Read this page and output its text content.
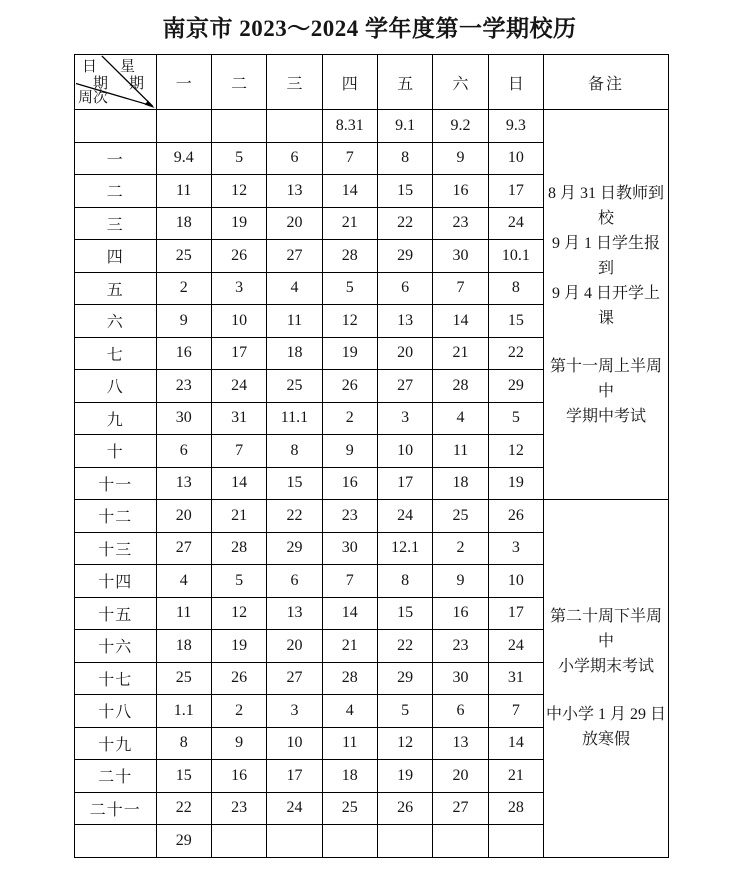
南京市 2023～2024 学年度第一学期校历
日
期
星
期
周次	一	二	三	四	五	六	日	备注
				8.31	9.1	9.2	9.3	8 月 31 日教师到校
9 月 1 日学生报到
9 月 4 日开学上课

第十一周上半周中
学期中考试

一	9.4	5	6	7	8	9	10	
二	11	12	13	14	15	16	17	
三	18	19	20	21	22	23	24	
四	25	26	27	28	29	30	10.1	
五	2	3	4	5	6	7	8	
六	9	10	11	12	13	14	15	
七	16	17	18	19	20	21	22	
八	23	24	25	26	27	28	29	
九	30	31	11.1	2	3	4	5	
十	6	7	8	9	10	11	12	
十一	13	14	15	16	17	18	19	
十二	20	21	22	23	24	25	26	第二十周下半周中
小学期末考试

中小学 1 月 29 日
放寒假

十三	27	28	29	30	12.1	2	3	
十四	4	5	6	7	8	9	10	
十五	11	12	13	14	15	16	17	
十六	18	19	20	21	22	23	24	
十七	25	26	27	28	29	30	31	
十八	1.1	2	3	4	5	6	7	
十九	8	9	10	11	12	13	14	
二十	15	16	17	18	19	20	21	
二十一	22	23	24	25	26	27	28	
	29							
